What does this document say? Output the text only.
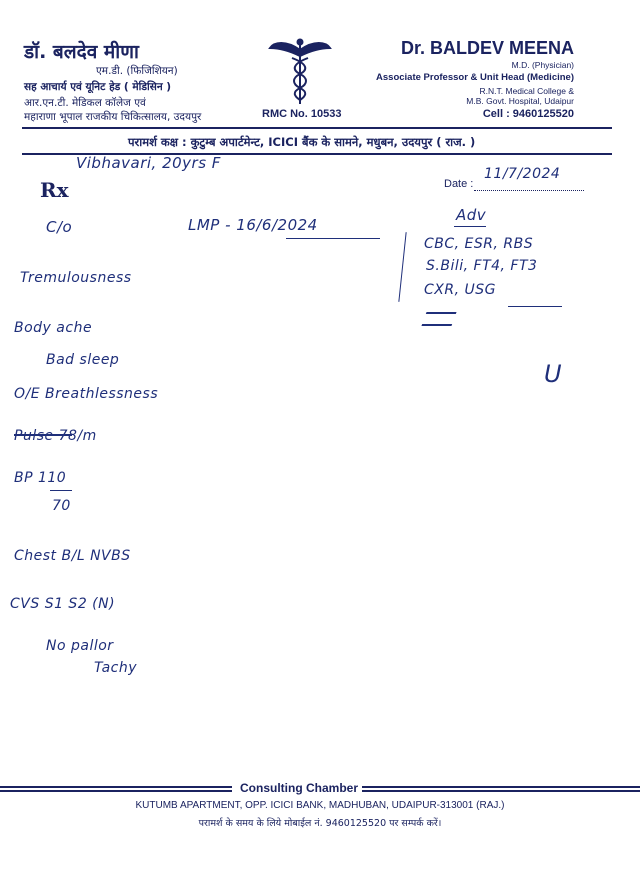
डॉ. बलदेव मीणा
एम.डी. (फिजिशियन)
सह आचार्य एवं यूनिट हेड ( मेडिसिन )
आर.एन.टी. मेडिकल कॉलेज एवं
महाराणा भूपाल राजकीय चिकित्सालय, उदयपुर	RMC No. 10533
Dr. BALDEV MEENA
M.D. (Physician)
Associate Professor & Unit Head (Medicine)
R.N.T. Medical College &
M.B. Govt. Hospital, Udaipur
Cell : 9460125520
परामर्श कक्ष : कुटुम्ब अपार्टमेन्ट, ICICI बैंक के सामने, मधुबन, उदयपुर ( राज. )
Rx	Date :
Vibhavari, 20yrs F
11/7/2024
C/o	LMP - 16/6/2024
Adv
CBC, ESR, RBS
S.Bili, FT4, FT3
CXR, USG
U
Tremulousness
Body ache
Bad sleep
O/E Breathlessness
Pulse 78/m
BP 110
70
Chest B/L NVBS
CVS S1 S2 (N)
No pallor
Tachy
Consulting Chamber
KUTUMB APARTMENT, OPP. ICICI BANK, MADHUBAN, UDAIPUR-313001 (RAJ.)
परामर्श के समय के लिये मोबाईल नं. 9460125520 पर सम्पर्क करें।
